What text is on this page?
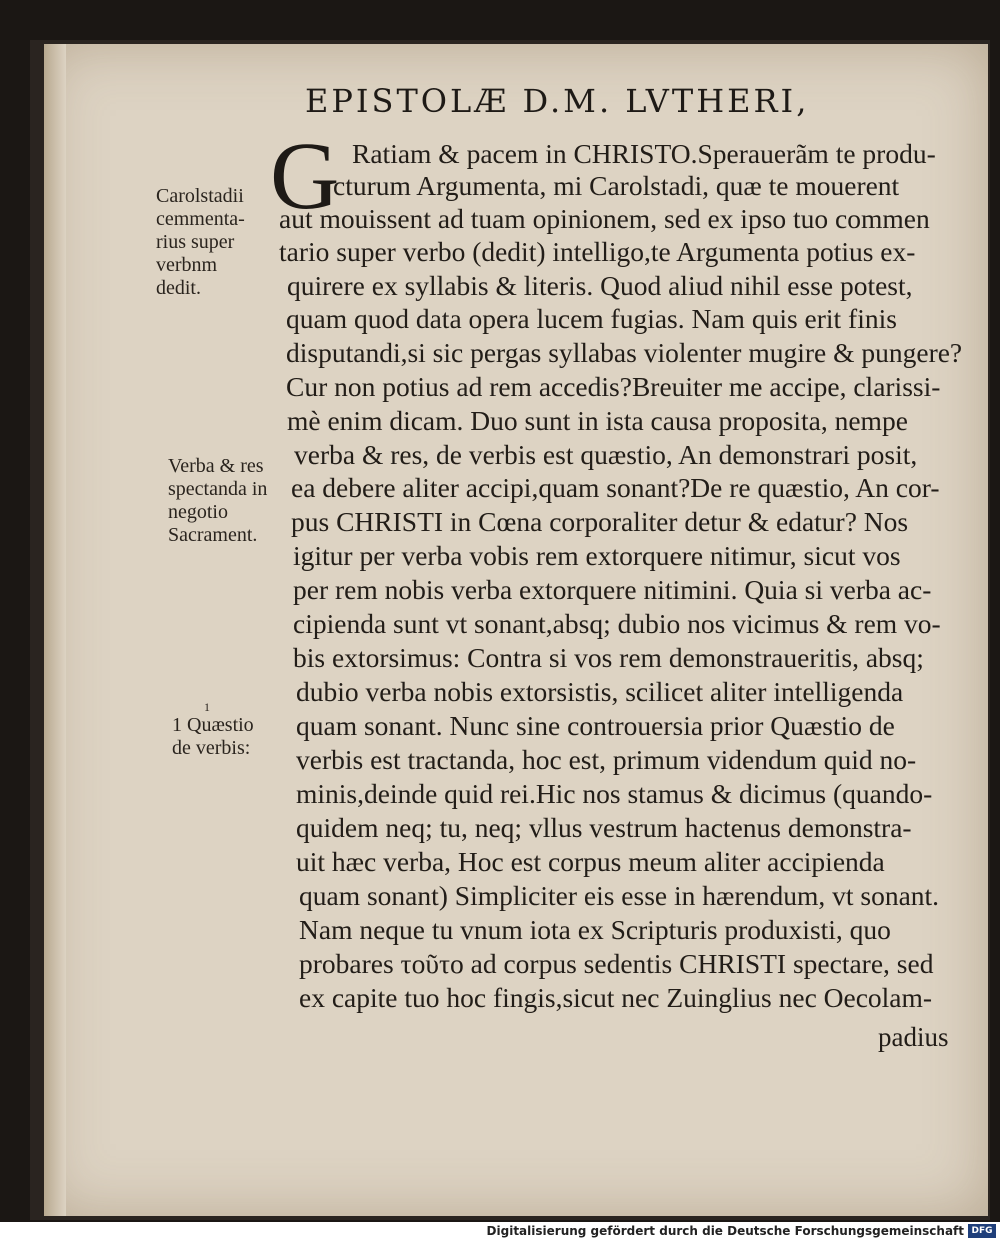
EPISTOLÆ D.M. LVTHERI,
G Ratiam & pacem in CHRISTO.Sperauerãm te produ-
cturum Argumenta, mi Carolstadi, quæ te mouerent
aut mouissent ad tuam opinionem, sed ex ipso tuo commen
tario super verbo (dedit) intelligo,te Argumenta potius ex-
quirere ex syllabis & literis. Quod aliud nihil esse potest,
quam quod data opera lucem fugias. Nam quis erit finis
disputandi,si sic pergas syllabas violenter mugire & pungere?
Cur non potius ad rem accedis?Breuiter me accipe, clarissi-
mè enim dicam. Duo sunt in ista causa proposita, nempe
verba & res, de verbis est quæstio, An demonstrari posit,
ea debere aliter accipi,quam sonant?De re quæstio, An cor-
pus CHRISTI in Cœna corporaliter detur & edatur? Nos
igitur per verba vobis rem extorquere nitimur, sicut vos
per rem nobis verba extorquere nitimini. Quia si verba ac-
cipienda sunt vt sonant,absq; dubio nos vicimus & rem vo-
bis extorsimus: Contra si vos rem demonstraueritis, absq;
dubio verba nobis extorsistis, scilicet aliter intelligenda
quam sonant. Nunc sine controuersia prior Quæstio de
verbis est tractanda, hoc est, primum videndum quid no-
minis,deinde quid rei.Hic nos stamus & dicimus (quando-
quidem neq; tu, neq; vllus vestrum hactenus demonstra-
uit hæc verba, Hoc est corpus meum aliter accipienda
quam sonant) Simpliciter eis esse in hærendum, vt sonant.
Nam neque tu vnum iota ex Scripturis produxisti, quo
probares τοῦτο ad corpus sedentis CHRISTI spectare, sed
ex capite tuo hoc fingis,sicut nec Zuinglius nec Oecolam-
padius
Carolstadii
cemmenta-
rius super
verbnm
dedit.
Verba & res
spectanda in
negotio
Sacrament.
1
1 Quæstio
de verbis:
Digitalisierung gefördert durch die Deutsche Forschungsgemeinschaft DFG
